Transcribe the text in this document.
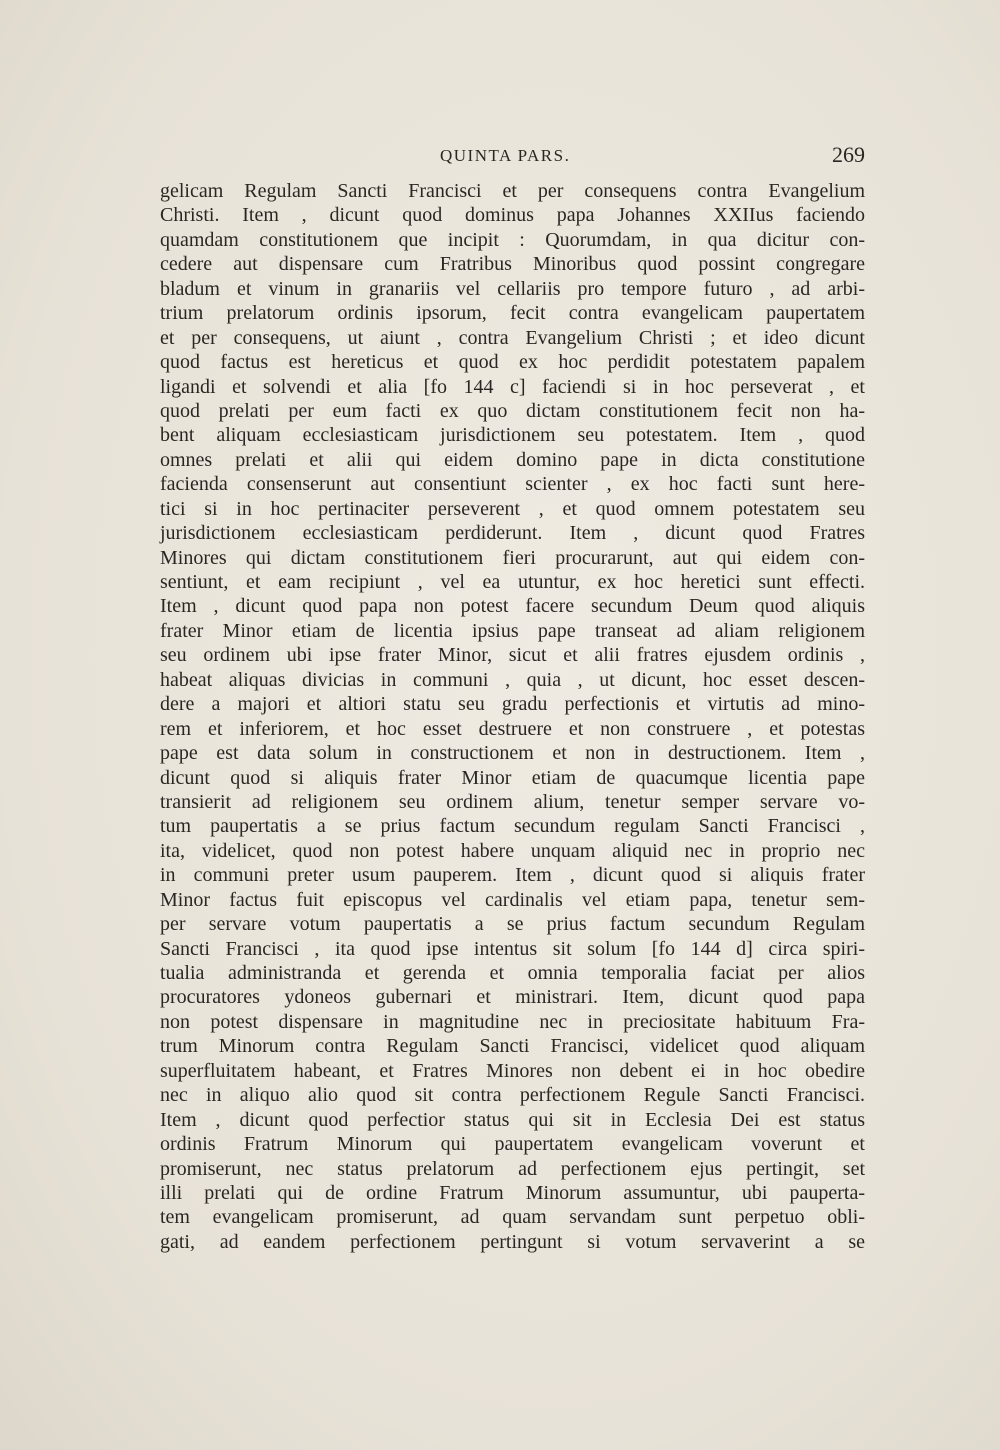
QUINTA PARS.	269
gelicam Regulam Sancti Francisci et per consequens contra Evangelium
Christi. Item , dicunt quod dominus papa Johannes XXIIus faciendo
quamdam constitutionem que incipit : Quorumdam, in qua dicitur con-
cedere aut dispensare cum Fratribus Minoribus quod possint congregare
bladum et vinum in granariis vel cellariis pro tempore futuro , ad arbi-
trium prelatorum ordinis ipsorum, fecit contra evangelicam paupertatem
et per consequens, ut aiunt , contra Evangelium Christi ; et ideo dicunt
quod factus est hereticus et quod ex hoc perdidit potestatem papalem
ligandi et solvendi et alia [fo 144 c] faciendi si in hoc perseverat , et
quod prelati per eum facti ex quo dictam constitutionem fecit non ha-
bent aliquam ecclesiasticam jurisdictionem seu potestatem. Item , quod
omnes prelati et alii qui eidem domino pape in dicta constitutione
facienda consenserunt aut consentiunt scienter , ex hoc facti sunt here-
tici si in hoc pertinaciter perseverent , et quod omnem potestatem seu
jurisdictionem ecclesiasticam perdiderunt. Item , dicunt quod Fratres
Minores qui dictam constitutionem fieri procurarunt, aut qui eidem con-
sentiunt, et eam recipiunt , vel ea utuntur, ex hoc heretici sunt effecti.
Item , dicunt quod papa non potest facere secundum Deum quod aliquis
frater Minor etiam de licentia ipsius pape transeat ad aliam religionem
seu ordinem ubi ipse frater Minor, sicut et alii fratres ejusdem ordinis ,
habeat aliquas divicias in communi , quia , ut dicunt, hoc esset descen-
dere a majori et altiori statu seu gradu perfectionis et virtutis ad mino-
rem et inferiorem, et hoc esset destruere et non construere , et potestas
pape est data solum in constructionem et non in destructionem. Item ,
dicunt quod si aliquis frater Minor etiam de quacumque licentia pape
transierit ad religionem seu ordinem alium, tenetur semper servare vo-
tum paupertatis a se prius factum secundum regulam Sancti Francisci ,
ita, videlicet, quod non potest habere unquam aliquid nec in proprio nec
in communi preter usum pauperem. Item , dicunt quod si aliquis frater
Minor factus fuit episcopus vel cardinalis vel etiam papa, tenetur sem-
per servare votum paupertatis a se prius factum secundum Regulam
Sancti Francisci , ita quod ipse intentus sit solum [fo 144 d] circa spiri-
tualia administranda et gerenda et omnia temporalia faciat per alios
procuratores ydoneos gubernari et ministrari. Item, dicunt quod papa
non potest dispensare in magnitudine nec in preciositate habituum Fra-
trum Minorum contra Regulam Sancti Francisci, videlicet quod aliquam
superfluitatem habeant, et Fratres Minores non debent ei in hoc obedire
nec in aliquo alio quod sit contra perfectionem Regule Sancti Francisci.
Item , dicunt quod perfectior status qui sit in Ecclesia Dei est status
ordinis Fratrum Minorum qui paupertatem evangelicam voverunt et
promiserunt, nec status prelatorum ad perfectionem ejus pertingit, set
illi prelati qui de ordine Fratrum Minorum assumuntur, ubi pauperta-
tem evangelicam promiserunt, ad quam servandam sunt perpetuo obli-
gati, ad eandem perfectionem pertingunt si votum servaverint a se
